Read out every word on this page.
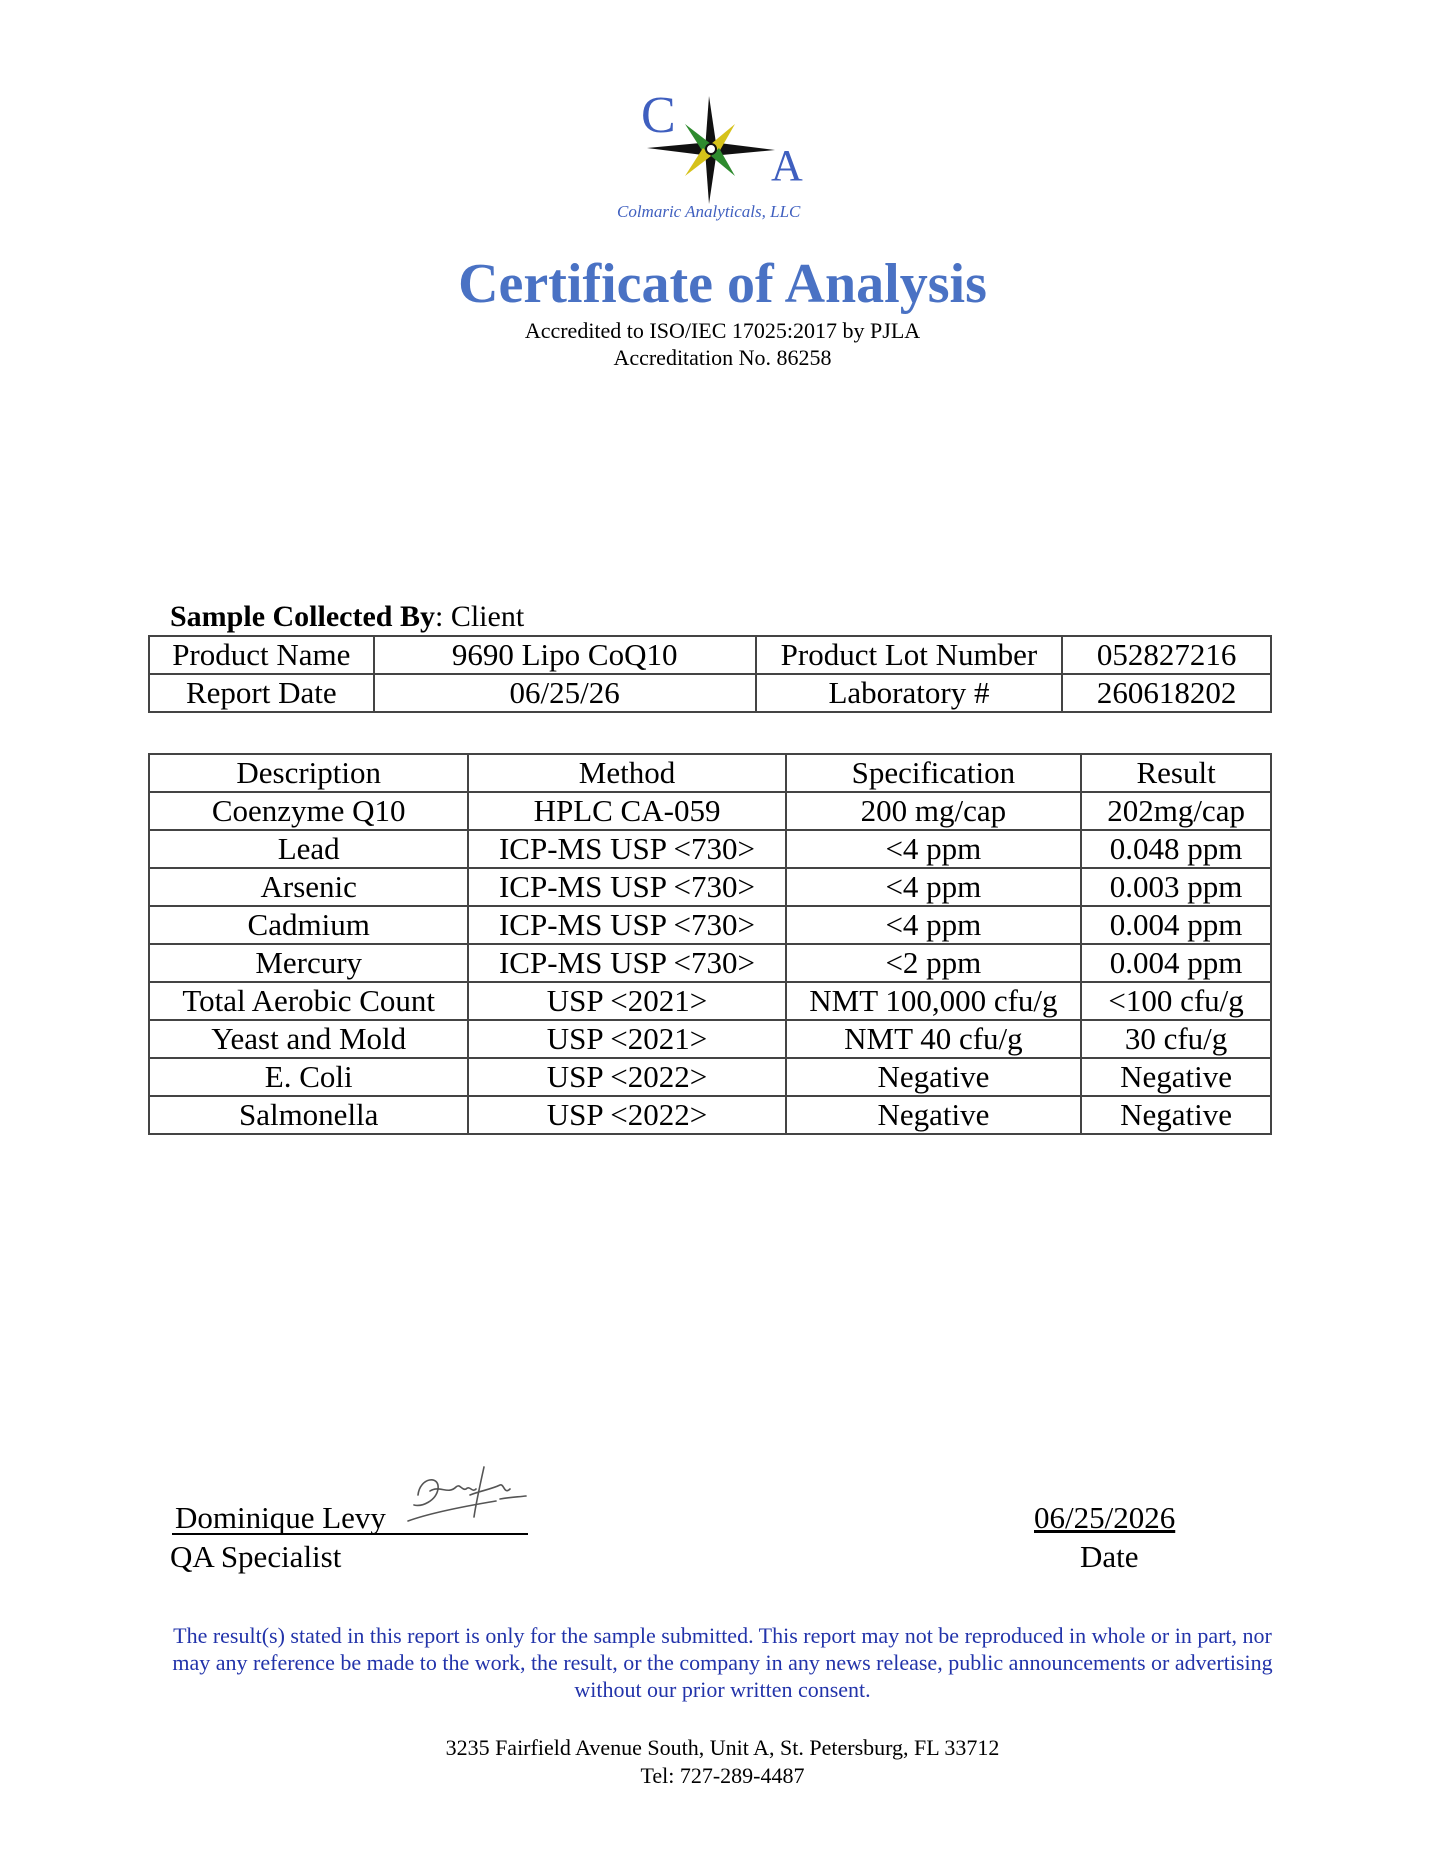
C
A
Colmaric Analyticals, LLC
Certificate of Analysis
Accredited to ISO/IEC 17025:2017 by PJLA
Accreditation No. 86258
Sample Collected By: Client
Product Name	9690 Lipo CoQ10	Product Lot Number	052827216
Report Date	06/25/26	Laboratory #	260618202
Description	Method	Specification	Result
Coenzyme Q10	HPLC CA-059	200 mg/cap	202mg/cap
Lead	ICP-MS USP <730>	<4 ppm	0.048 ppm
Arsenic	ICP-MS USP <730>	<4 ppm	0.003 ppm
Cadmium	ICP-MS USP <730>	<4 ppm	0.004 ppm
Mercury	ICP-MS USP <730>	<2 ppm	0.004 ppm
Total Aerobic Count	USP <2021>	NMT 100,000 cfu/g	<100 cfu/g
Yeast and Mold	USP <2021>	NMT 40 cfu/g	30 cfu/g
E. Coli	USP <2022>	Negative	Negative
Salmonella	USP <2022>	Negative	Negative
Dominique Levy
QA Specialist
06/25/2026
Date
The result(s) stated in this report is only for the sample submitted. This report may not be reproduced in whole or in part, nor may any reference be made to the work, the result, or the company in any news release, public announcements or advertising without our prior written consent.
3235 Fairfield Avenue South, Unit A, St. Petersburg, FL 33712
Tel: 727-289-4487
